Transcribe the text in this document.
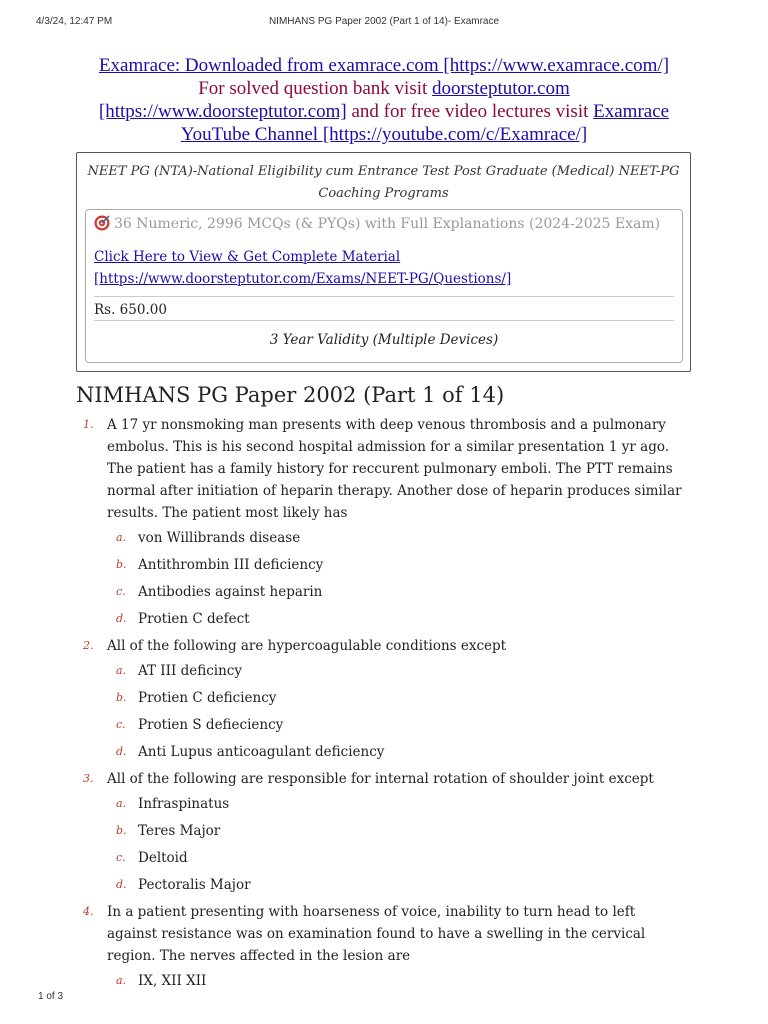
4/3/24, 12:47 PM	NIMHANS PG Paper 2002 (Part 1 of 14)- Examrace
Examrace: Downloaded from examrace.com [https://www.examrace.com/]
For solved question bank visit doorsteptutor.com
[https://www.doorsteptutor.com] and for free video lectures visit Examrace
YouTube Channel [https://youtube.com/c/Examrace/]
NEET PG (NTA)-National Eligibility cum Entrance Test Post Graduate (Medical) NEET-PG Coaching Programs
36 Numeric, 2996 MCQs (& PYQs) with Full Explanations (2024-2025 Exam)
Click Here to View & Get Complete Material
[https://www.doorsteptutor.com/Exams/NEET-PG/Questions/]
Rs. 650.00
3 Year Validity (Multiple Devices)
NIMHANS PG Paper 2002 (Part 1 of 14)
1. A 17 yr nonsmoking man presents with deep venous thrombosis and a pulmonary embolus. This is his second hospital admission for a similar presentation 1 yr ago. The patient has a family history for reccurent pulmonary emboli. The PTT remains normal after initiation of heparin therapy. Another dose of heparin produces similar results. The patient most likely has
a. von Willibrands disease
b. Antithrombin III deficiency
c. Antibodies against heparin
d. Protien C defect
2. All of the following are hypercoagulable conditions except
a. AT III deficincy
b. Protien C deficiency
c. Protien S defieciency
d. Anti Lupus anticoagulant deficiency
3. All of the following are responsible for internal rotation of shoulder joint except
a. Infraspinatus
b. Teres Major
c. Deltoid
d. Pectoralis Major
4. In a patient presenting with hoarseness of voice, inability to turn head to left against resistance was on examination found to have a swelling in the cervical region. The nerves affected in the lesion are
a. IX, XII XII
1 of 3
